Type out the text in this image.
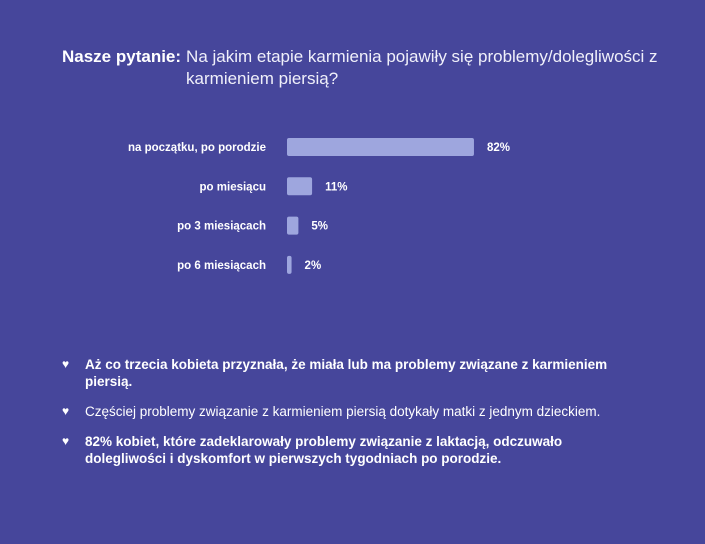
Nasze pytanie: Na jakim etapie karmienia pojawiły się problemy/dolegliwości z karmieniem piersią?
na początku, po porodzie	82%
po miesiącu	11%
po 3 miesiącach	5%
po 6 miesiącach	2%
♥ Aż co trzecia kobieta przyznała, że miała lub ma problemy związane z karmieniem piersią.
♥ Częściej problemy związanie z karmieniem piersią dotykały matki z jednym dzieckiem.
♥ 82% kobiet, które zadeklarowały problemy związanie z laktacją, odczuwało dolegliwości i dyskomfort w pierwszych tygodniach po porodzie.
